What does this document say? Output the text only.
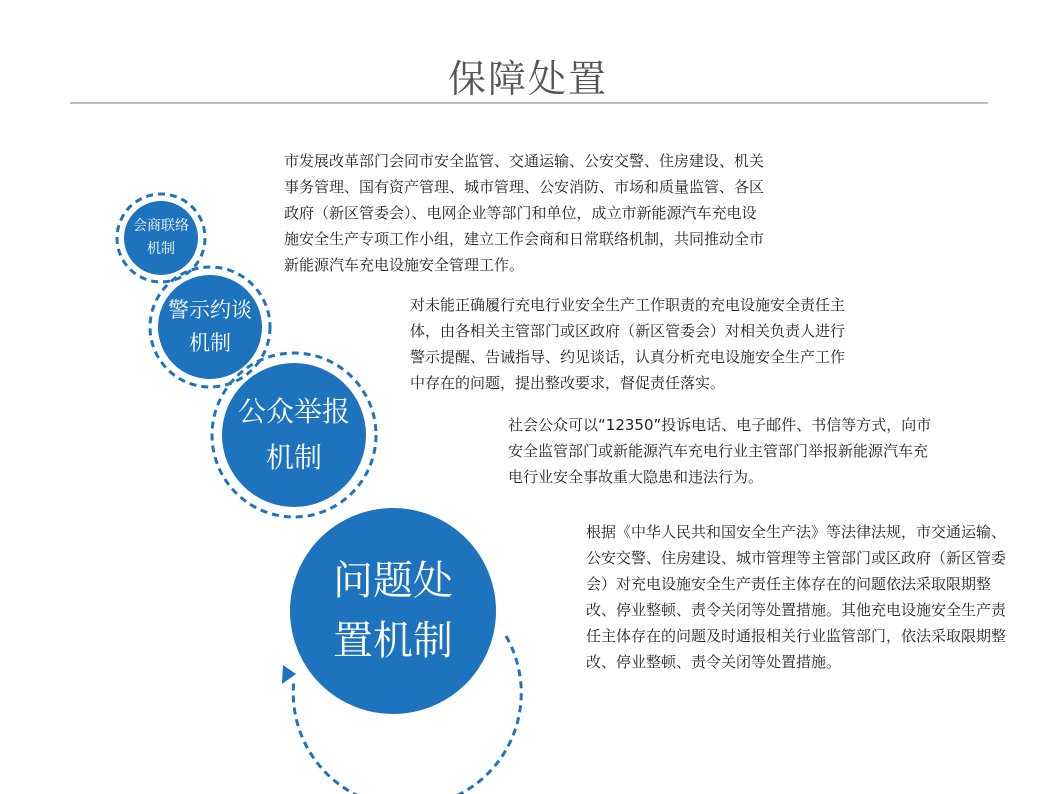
保障处置
会商联络机制
警示约谈机制
公众举报机制
问题处置机制

市发展改革部门会同市安全监管、交通运输、公安交警、住房建设、机关事务管理、国有资产管理、城市管理、公安消防、市场和质量监管、各区政府（新区管委会）、电网企业等部门和单位，成立市新能源汽车充电设施安全生产专项工作小组，建立工作会商和日常联络机制，共同推动全市新能源汽车充电设施安全管理工作。

对未能正确履行充电行业安全生产工作职责的充电设施安全责任主体，由各相关主管部门或区政府（新区管委会）对相关负责人进行警示提醒、告诫指导、约见谈话，认真分析充电设施安全生产工作中存在的问题，提出整改要求，督促责任落实。

社会公众可以“12350”投诉电话、电子邮件、书信等方式，向市安全监管部门或新能源汽车充电行业主管部门举报新能源汽车充电行业安全事故重大隐患和违法行为。

根据《中华人民共和国安全生产法》等法律法规，市交通运输、公安交警、住房建设、城市管理等主管部门或区政府（新区管委会）对充电设施安全生产责任主体存在的问题依法采取限期整改、停业整顿、责令关闭等处置措施。其他充电设施安全生产责任主体存在的问题及时通报相关行业监管部门，依法采取限期整改、停业整顿、责令关闭等处置措施。
